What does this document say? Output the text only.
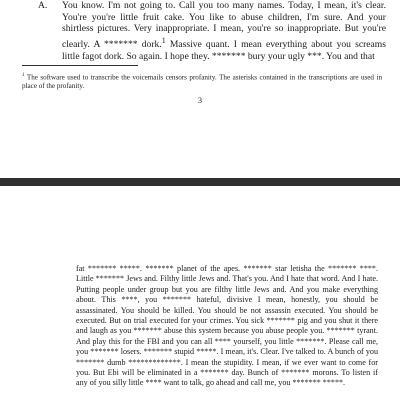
A. You know. I'm not going to. Call you too many names. Today, I mean, it's clear. You're you're little fruit cake. You like to abuse children, I'm sure. And your shirtless pictures. Very inappropriate. I mean, you're so inappropriate. But you're clearly. A ******* dork.$^1$ Massive quant. I mean everything about you screams little fagot dork. So again. I hope they. ******* bury your ugly ***. You and that
$^1$ The software used to transcribe the voicemails censors profanity. The asterisks contained in the transcriptions are used in place of the profanity.
3
fat ******* *****. ******* planet of the apes. ******* star letisha the ******* ****. Little ******* Jews and. Filthy little Jews and. That's you. And I hate that word. And I hate. Putting people under group but you are filthy little Jews and. And you make everything about. This ****, you ******* hateful, divisive I mean, honestly, you should be assassinated. You should be killed. You should be not assassin executed. You should be executed. But on trial executed for your crimes. You sick ******* pig and you shut it there and laugh as you ******* abuse this system because you abuse people you. ******* tyrant. And play this for the FBI and you can all **** yourself, you little *******. Please call me, you ******* losers. ******* stupid *****. I mean, it's. Clear. I've talked to. A bunch of you ******* dumb *************. I mean the stupidity. I mean, if we ever want to come for you. But Ebi will be eliminated in a ******* day. Bunch of ******* morons. To listen if any of you silly little **** want to talk, go ahead and call me, you ******* *****.
